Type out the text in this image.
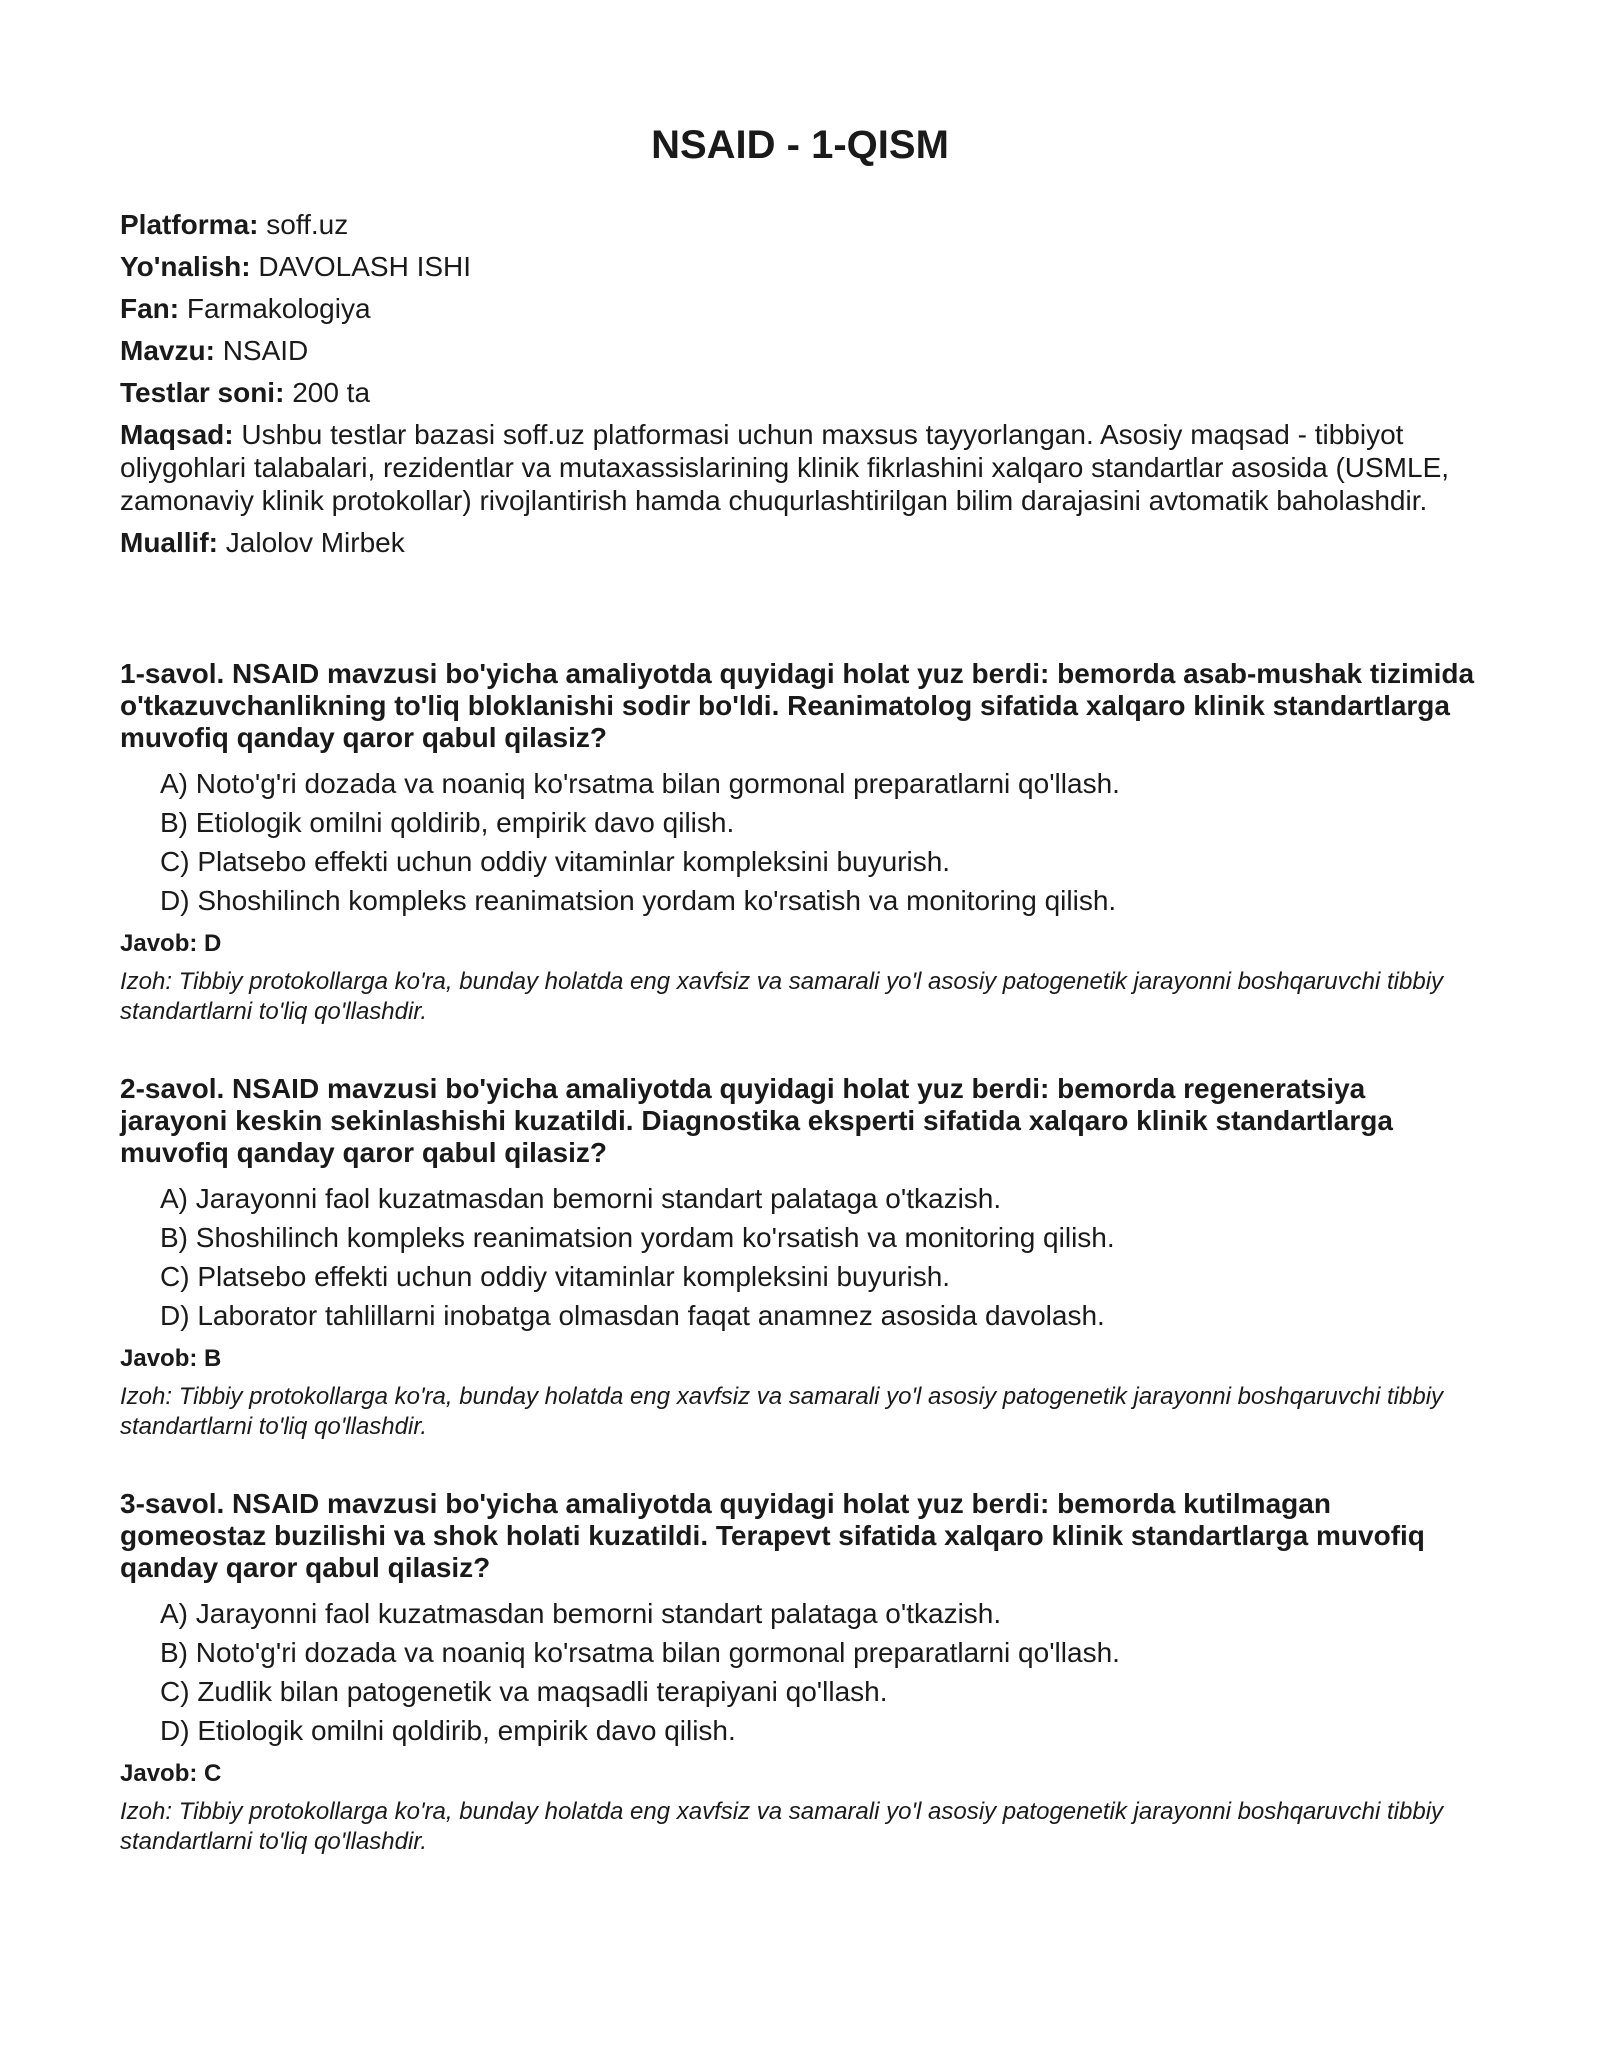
NSAID - 1-QISM

Platforma: soff.uz

Yo'nalish: DAVOLASH ISHI

Fan: Farmakologiya

Mavzu: NSAID

Testlar soni: 200 ta

Maqsad: Ushbu testlar bazasi soff.uz platformasi uchun maxsus tayyorlangan. Asosiy maqsad - tibbiyot oliygohlari talabalari, rezidentlar va mutaxassislarining klinik fikrlashini xalqaro standartlar asosida (USMLE, zamonaviy klinik protokollar) rivojlantirish hamda chuqurlashtirilgan bilim darajasini avtomatik baholashdir.

Muallif: Jalolov Mirbek

1-savol. NSAID mavzusi bo'yicha amaliyotda quyidagi holat yuz berdi: bemorda asab-mushak tizimida o'tkazuvchanlikning to'liq bloklanishi sodir bo'ldi. Reanimatolog sifatida xalqaro klinik standartlarga muvofiq qanday qaror qabul qilasiz?

A) Noto'g'ri dozada va noaniq ko'rsatma bilan gormonal preparatlarni qo'llash.
B) Etiologik omilni qoldirib, empirik davo qilish.
C) Platsebo effekti uchun oddiy vitaminlar kompleksini buyurish.
D) Shoshilinch kompleks reanimatsion yordam ko'rsatish va monitoring qilish.

Javob: D

Izoh: Tibbiy protokollarga ko'ra, bunday holatda eng xavfsiz va samarali yo'l asosiy patogenetik jarayonni boshqaruvchi tibbiy standartlarni to'liq qo'llashdir.

2-savol. NSAID mavzusi bo'yicha amaliyotda quyidagi holat yuz berdi: bemorda regeneratsiya jarayoni keskin sekinlashishi kuzatildi. Diagnostika eksperti sifatida xalqaro klinik standartlarga muvofiq qanday qaror qabul qilasiz?

A) Jarayonni faol kuzatmasdan bemorni standart palataga o'tkazish.
B) Shoshilinch kompleks reanimatsion yordam ko'rsatish va monitoring qilish.
C) Platsebo effekti uchun oddiy vitaminlar kompleksini buyurish.
D) Laborator tahlillarni inobatga olmasdan faqat anamnez asosida davolash.

Javob: B

Izoh: Tibbiy protokollarga ko'ra, bunday holatda eng xavfsiz va samarali yo'l asosiy patogenetik jarayonni boshqaruvchi tibbiy standartlarni to'liq qo'llashdir.

3-savol. NSAID mavzusi bo'yicha amaliyotda quyidagi holat yuz berdi: bemorda kutilmagan gomeostaz buzilishi va shok holati kuzatildi. Terapevt sifatida xalqaro klinik standartlarga muvofiq qanday qaror qabul qilasiz?

A) Jarayonni faol kuzatmasdan bemorni standart palataga o'tkazish.
B) Noto'g'ri dozada va noaniq ko'rsatma bilan gormonal preparatlarni qo'llash.
C) Zudlik bilan patogenetik va maqsadli terapiyani qo'llash.
D) Etiologik omilni qoldirib, empirik davo qilish.

Javob: C

Izoh: Tibbiy protokollarga ko'ra, bunday holatda eng xavfsiz va samarali yo'l asosiy patogenetik jarayonni boshqaruvchi tibbiy standartlarni to'liq qo'llashdir.
